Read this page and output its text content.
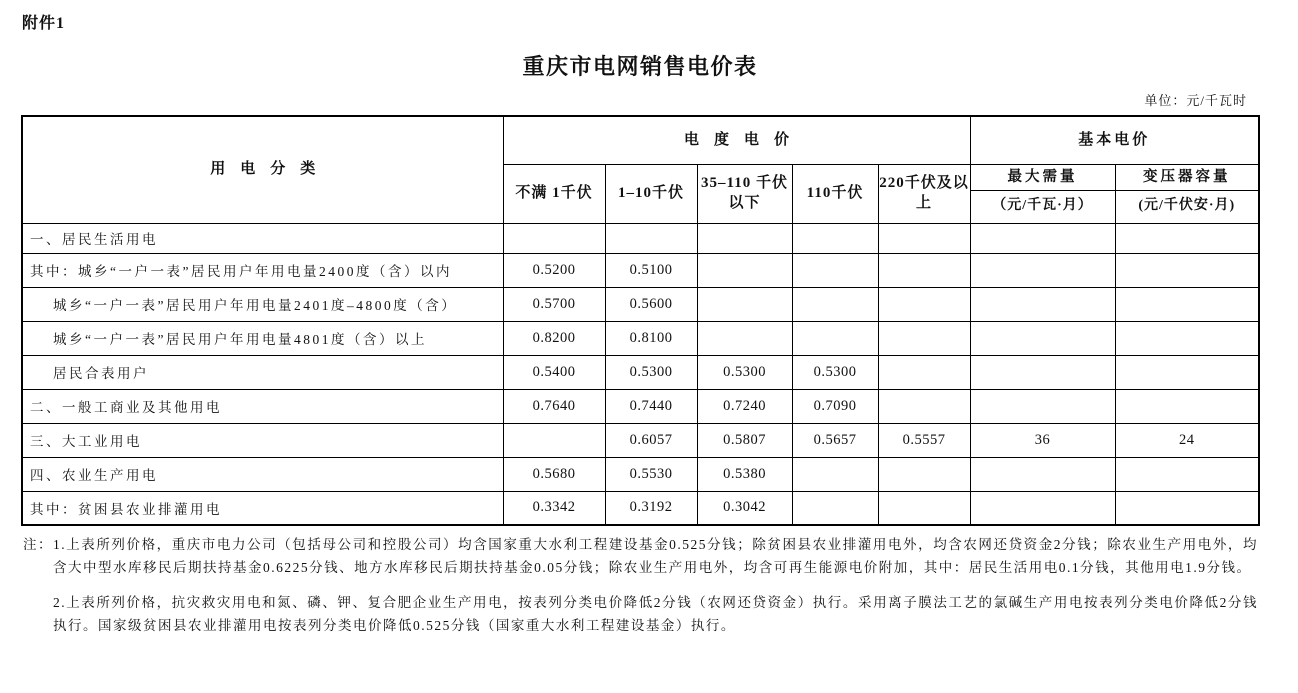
附件1
重庆市电网销售电价表
单位：元/千瓦时
用　电　分　类	电　度　电　价					基本电价	
	不满 1千伏	1–10千伏	35–110 千伏以下	110千伏	220千伏及以上	最大需量	变压器容量
						（元/千瓦·月）	(元/千伏安·月)
一、居民生活用电							
其中：城乡“一户一表”居民用户年用电量2400度（含）以内	0.5200	0.5100					
城乡“一户一表”居民用户年用电量2401度–4800度（含）	0.5700	0.5600					
城乡“一户一表”居民用户年用电量4801度（含）以上	0.8200	0.8100					
居民合表用户	0.5400	0.5300	0.5300	0.5300			
二、一般工商业及其他用电	0.7640	0.7440	0.7240	0.7090			
三、大工业用电		0.6057	0.5807	0.5657	0.5557	36	24
四、农业生产用电	0.5680	0.5530	0.5380				
其中：贫困县农业排灌用电	0.3342	0.3192	0.3042				
注： 1.上表所列价格，重庆市电力公司（包括母公司和控股公司）均含国家重大水利工程建设基金0.525分钱；除贫困县农业排灌用电外，均含农网还贷资金2分钱；除农业生产用电外，均含大中型水库移民后期扶持基金0.6225分钱、地方水库移民后期扶持基金0.05分钱；除农业生产用电外，均含可再生能源电价附加，其中：居民生活用电0.1分钱，其他用电1.9分钱。
2.上表所列价格，抗灾救灾用电和氮、磷、钾、复合肥企业生产用电，按表列分类电价降低2分钱（农网还贷资金）执行。采用离子膜法工艺的氯碱生产用电按表列分类电价降低2分钱执行。国家级贫困县农业排灌用电按表列分类电价降低0.525分钱（国家重大水利工程建设基金）执行。
